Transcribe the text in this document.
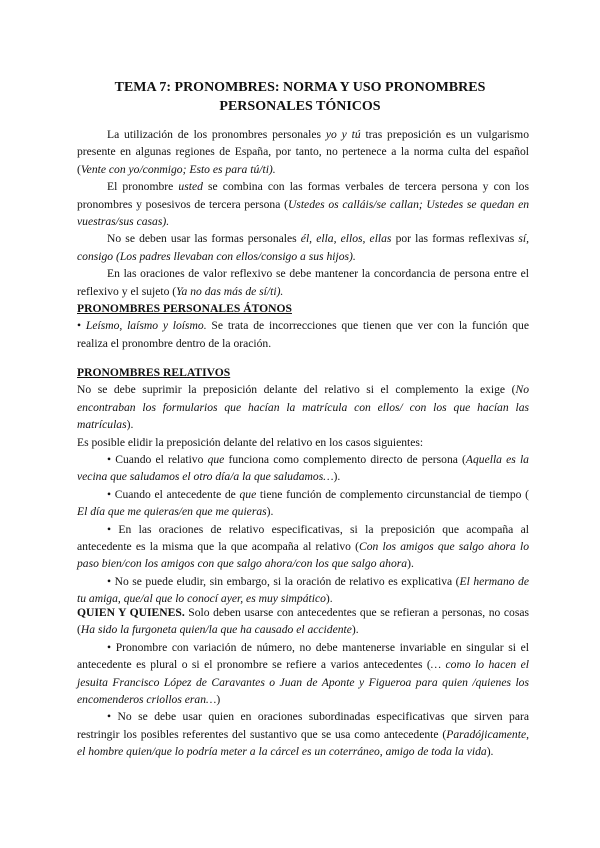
TEMA 7: PRONOMBRES: NORMA Y USO PRONOMBRES
PERSONALES TÓNICOS

La utilización de los pronombres personales yo y tú tras preposición es un vulgarismo presente en algunas regiones de España, por tanto, no pertenece a la norma culta del español (Vente con yo/conmigo; Esto es para tú/ti).

El pronombre usted se combina con las formas verbales de tercera persona y con los pronombres y posesivos de tercera persona (Ustedes os calláis/se callan; Ustedes se quedan en vuestras/sus casas).

No se deben usar las formas personales él, ella, ellos, ellas por las formas reflexivas sí, consigo (Los padres llevaban con ellos/consigo a sus hijos).

En las oraciones de valor reflexivo se debe mantener la concordancia de persona entre el reflexivo y el sujeto (Ya no das más de sí/ti).

PRONOMBRES PERSONALES ÁTONOS

• Leísmo, laísmo y loísmo. Se trata de incorrecciones que tienen que ver con la función que realiza el pronombre dentro de la oración.

PRONOMBRES RELATIVOS

No se debe suprimir la preposición delante del relativo si el complemento la exige (No encontraban los formularios que hacían la matrícula con ellos/ con los que hacían las matrículas).

Es posible elidir la preposición delante del relativo en los casos siguientes:

• Cuando el relativo que funciona como complemento directo de persona (Aquella es la vecina que saludamos el otro día/a la que saludamos…).

• Cuando el antecedente de que tiene función de complemento circunstancial de tiempo ( El día que me quieras/en que me quieras).

• En las oraciones de relativo especificativas, si la preposición que acompaña al antecedente es la misma que la que acompaña al relativo (Con los amigos que salgo ahora lo paso bien/con los amigos con que salgo ahora/con los que salgo ahora).

• No se puede eludir, sin embargo, si la oración de relativo es explicativa (El hermano de tu amiga, que/al que lo conocí ayer, es muy simpático).

QUIEN Y QUIENES. Solo deben usarse con antecedentes que se refieran a personas, no cosas (Ha sido la furgoneta quien/la que ha causado el accidente).

• Pronombre con variación de número, no debe mantenerse invariable en singular si el antecedente es plural o si el pronombre se refiere a varios antecedentes (… como lo hacen el jesuita Francisco López de Caravantes o Juan de Aponte y Figueroa para quien /quienes los encomenderos criollos eran…)

• No se debe usar quien en oraciones subordinadas especificativas que sirven para restringir los posibles referentes del sustantivo que se usa como antecedente (Paradójicamente, el hombre quien/que lo podría meter a la cárcel es un coterráneo, amigo de toda la vida).
